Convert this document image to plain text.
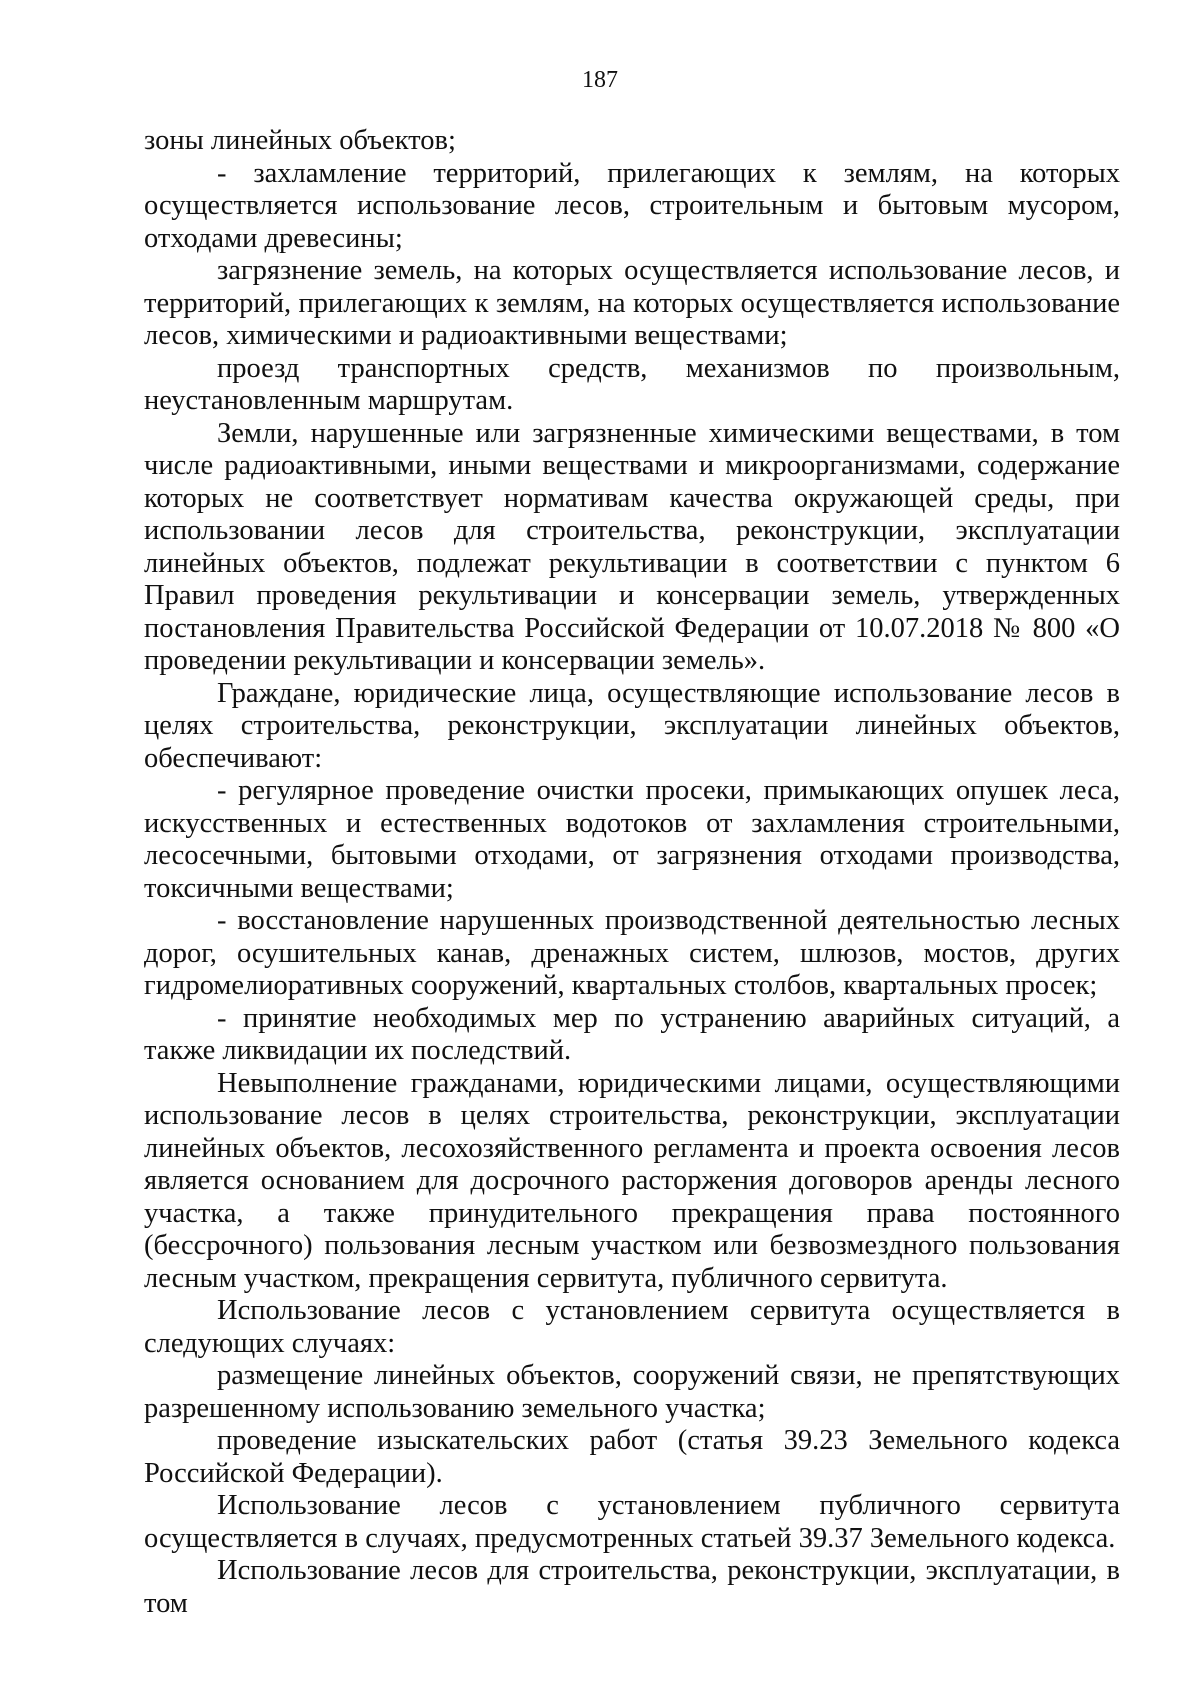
187

зоны линейных объектов;

- захламление территорий, прилегающих к землям, на которых осуществляется использование лесов, строительным и бытовым мусором, отходами древесины;

загрязнение земель, на которых осуществляется использование лесов, и территорий, прилегающих к землям, на которых осуществляется использование лесов, химическими и радиоактивными веществами;

проезд транспортных средств, механизмов по произвольным, неустановленным маршрутам.

Земли, нарушенные или загрязненные химическими веществами, в том числе радиоактивными, иными веществами и микроорганизмами, содержание которых не соответствует нормативам качества окружающей среды, при использовании лесов для строительства, реконструкции, эксплуатации линейных объектов, подлежат рекультивации в соответствии с пунктом 6 Правил проведения рекультивации и консервации земель, утвержденных постановления Правительства Российской Федерации от 10.07.2018 № 800 «О проведении рекультивации и консервации земель».

Граждане, юридические лица, осуществляющие использование лесов в целях строительства, реконструкции, эксплуатации линейных объектов, обеспечивают:

- регулярное проведение очистки просеки, примыкающих опушек леса, искусственных и естественных водотоков от захламления строительными, лесосечными, бытовыми отходами, от загрязнения отходами производства, токсичными веществами;

- восстановление нарушенных производственной деятельностью лесных дорог, осушительных канав, дренажных систем, шлюзов, мостов, других гидромелиоративных сооружений, квартальных столбов, квартальных просек;

- принятие необходимых мер по устранению аварийных ситуаций, а также ликвидации их последствий.

Невыполнение гражданами, юридическими лицами, осуществляющими использование лесов в целях строительства, реконструкции, эксплуатации линейных объектов, лесохозяйственного регламента и проекта освоения лесов является основанием для досрочного расторжения договоров аренды лесного участка, а также принудительного прекращения права постоянного (бессрочного) пользования лесным участком или безвозмездного пользования лесным участком, прекращения сервитута, публичного сервитута.

Использование лесов с установлением сервитута осуществляется в следующих случаях:

размещение линейных объектов, сооружений связи, не препятствующих разрешенному использованию земельного участка;

проведение изыскательских работ (статья 39.23 Земельного кодекса Российской Федерации).

Использование лесов с установлением публичного сервитута осуществляется в случаях, предусмотренных статьей 39.37 Земельного кодекса.

Использование лесов для строительства, реконструкции, эксплуатации, в том
